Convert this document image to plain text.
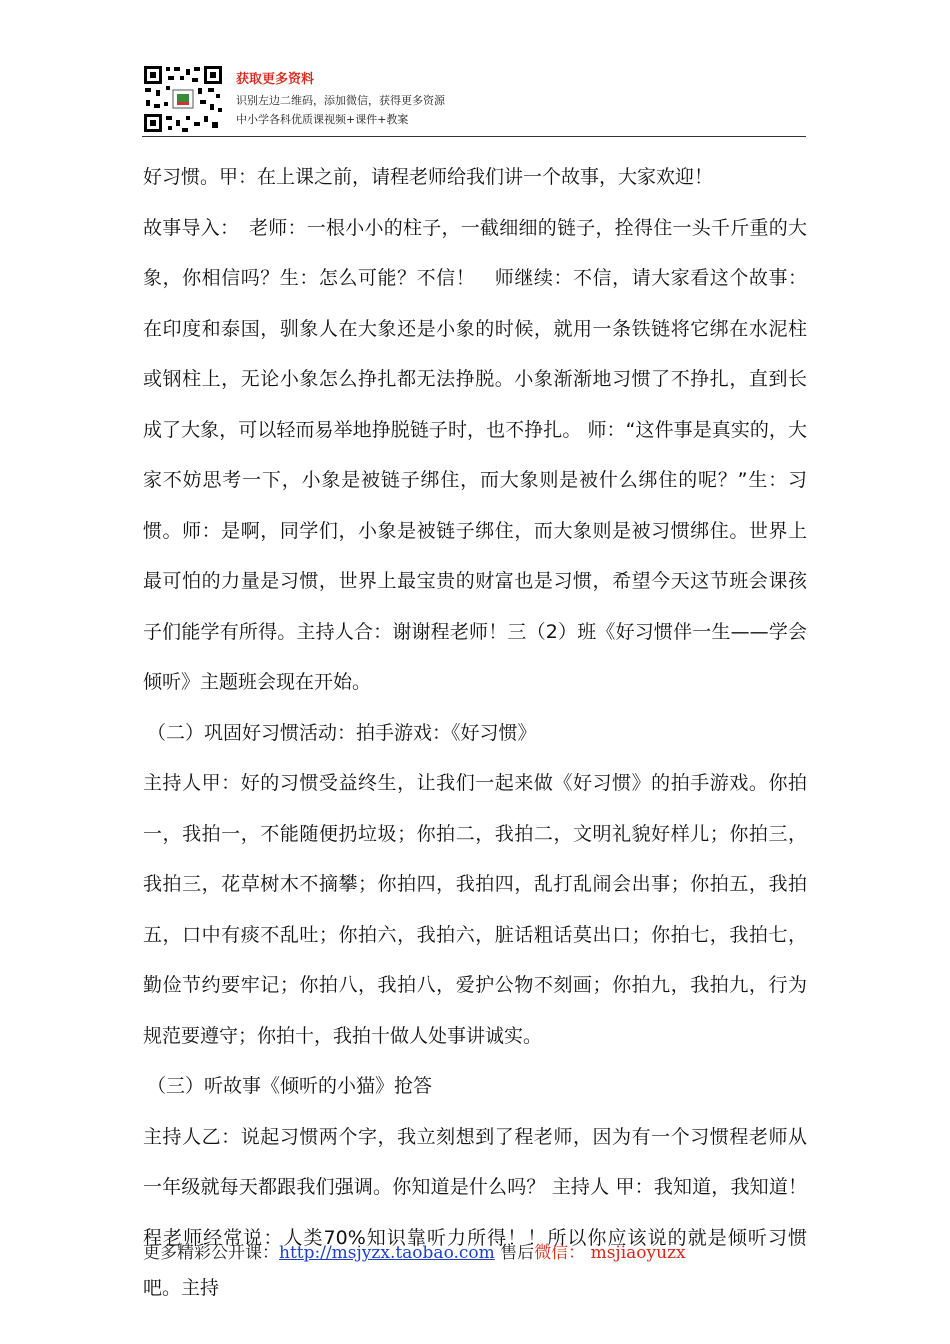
获取更多资料
识别左边二维码，添加微信，获得更多资源
中小学各科优质课视频+课件+教案

好习惯。甲：在上课之前，请程老师给我们讲一个故事，大家欢迎！

故事导入：　老师：一根小小的柱子，一截细细的链子，拴得住一头千斤重的大象，你相信吗？生：怎么可能？不信！　师继续：不信，请大家看这个故事：在印度和泰国，驯象人在大象还是小象的时候，就用一条铁链将它绑在水泥柱或钢柱上，无论小象怎么挣扎都无法挣脱。小象渐渐地习惯了不挣扎，直到长成了大象，可以轻而易举地挣脱链子时，也不挣扎。 师：“这件事是真实的，大家不妨思考一下，小象是被链子绑住，而大象则是被什么绑住的呢？”生：习惯。师：是啊，同学们，小象是被链子绑住，而大象则是被习惯绑住。世界上最可怕的力量是习惯，世界上最宝贵的财富也是习惯，希望今天这节班会课孩子们能学有所得。主持人合：谢谢程老师！三（2）班《好习惯伴一生——学会倾听》主题班会现在开始。

（二）巩固好习惯活动：拍手游戏：《好习惯》

主持人甲：好的习惯受益终生，让我们一起来做《好习惯》的拍手游戏。你拍一，我拍一，不能随便扔垃圾；你拍二，我拍二，文明礼貌好样儿；你拍三，我拍三，花草树木不摘攀；你拍四，我拍四，乱打乱闹会出事；你拍五，我拍五，口中有痰不乱吐；你拍六，我拍六，脏话粗话莫出口；你拍七，我拍七，勤俭节约要牢记；你拍八，我拍八，爱护公物不刻画；你拍九，我拍九，行为规范要遵守；你拍十，我拍十做人处事讲诚实。

（三）听故事《倾听的小猫》抢答

主持人乙：说起习惯两个字，我立刻想到了程老师，因为有一个习惯程老师从一年级就每天都跟我们强调。你知道是什么吗？ 主持人 甲：我知道，我知道！程老师经常说：人类70%知识靠听力所得！！所以你应该说的就是倾听习惯吧。主持

更多精彩公开课：http://msjyzx.taobao.com 售后微信： msjiaoyuzx
